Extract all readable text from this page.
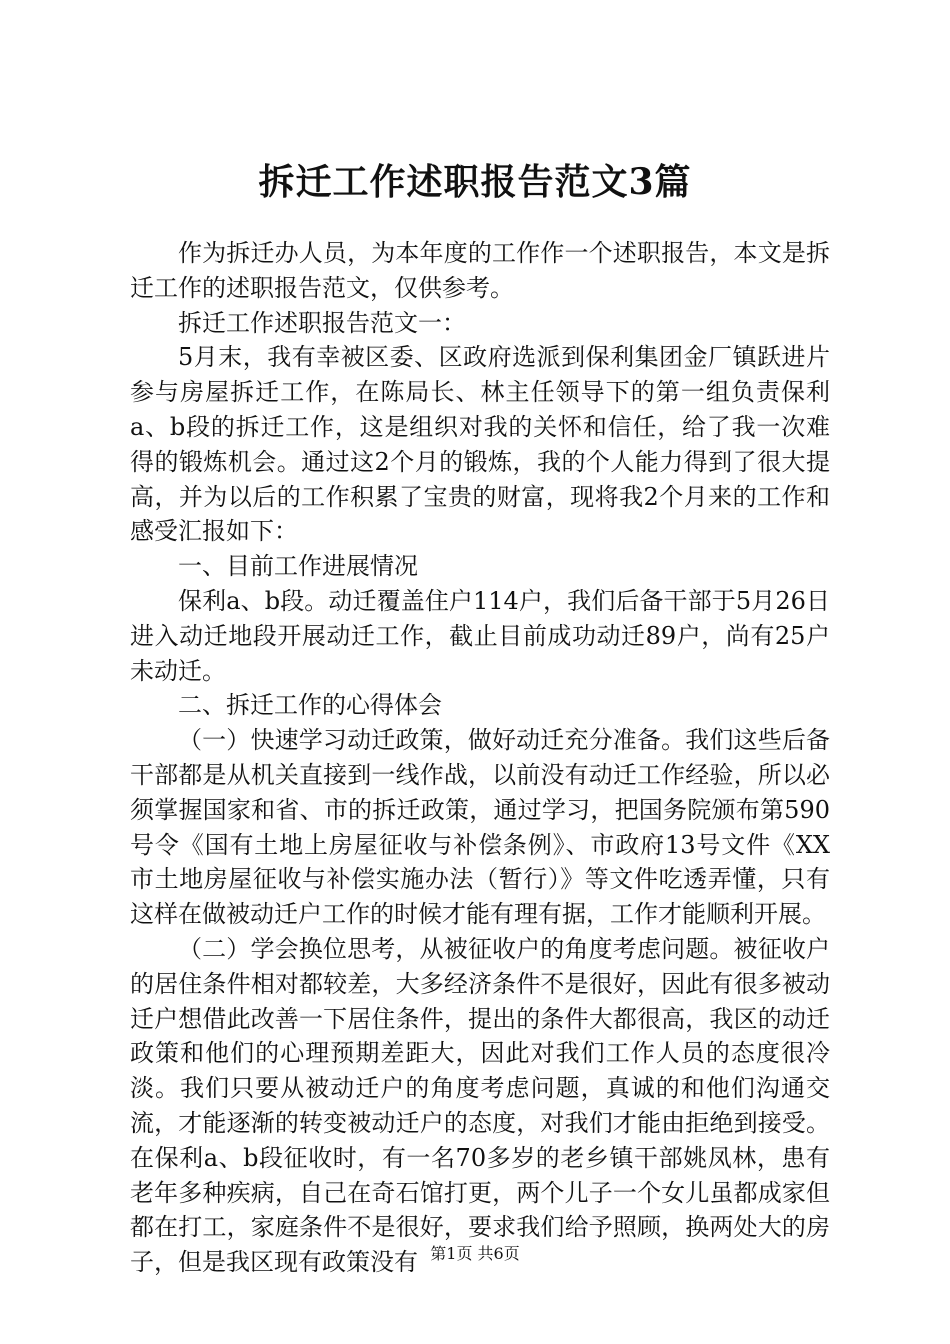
拆迁工作述职报告范文3篇

作为拆迁办人员，为本年度的工作作一个述职报告，本文是拆迁工作的述职报告范文，仅供参考。

拆迁工作述职报告范文一：

5月末，我有幸被区委、区政府选派到保利集团金厂镇跃进片参与房屋拆迁工作，在陈局长、林主任领导下的第一组负责保利a、b段的拆迁工作，这是组织对我的关怀和信任，给了我一次难得的锻炼机会。通过这2个月的锻炼，我的个人能力得到了很大提高，并为以后的工作积累了宝贵的财富，现将我2个月来的工作和感受汇报如下：

一、目前工作进展情况

保利a、b段。动迁覆盖住户114户，我们后备干部于5月26日进入动迁地段开展动迁工作，截止目前成功动迁89户，尚有25户未动迁。

二、拆迁工作的心得体会

（一）快速学习动迁政策，做好动迁充分准备。我们这些后备干部都是从机关直接到一线作战，以前没有动迁工作经验，所以必须掌握国家和省、市的拆迁政策，通过学习，把国务院颁布第590号令《国有土地上房屋征收与补偿条例》、市政府13号文件《XX市土地房屋征收与补偿实施办法（暂行）》等文件吃透弄懂，只有这样在做被动迁户工作的时候才能有理有据，工作才能顺利开展。

（二）学会换位思考，从被征收户的角度考虑问题。被征收户的居住条件相对都较差，大多经济条件不是很好，因此有很多被动迁户想借此改善一下居住条件，提出的条件大都很高，我区的动迁政策和他们的心理预期差距大，因此对我们工作人员的态度很冷淡。我们只要从被动迁户的角度考虑问题，真诚的和他们沟通交流，才能逐渐的转变被动迁户的态度，对我们才能由拒绝到接受。在保利a、b段征收时，有一名70多岁的老乡镇干部姚凤林，患有老年多种疾病，自己在奇石馆打更，两个儿子一个女儿虽都成家但都在打工，家庭条件不是很好，要求我们给予照顾，换两处大的房子，但是我区现有政策没有 第1页 共6页
